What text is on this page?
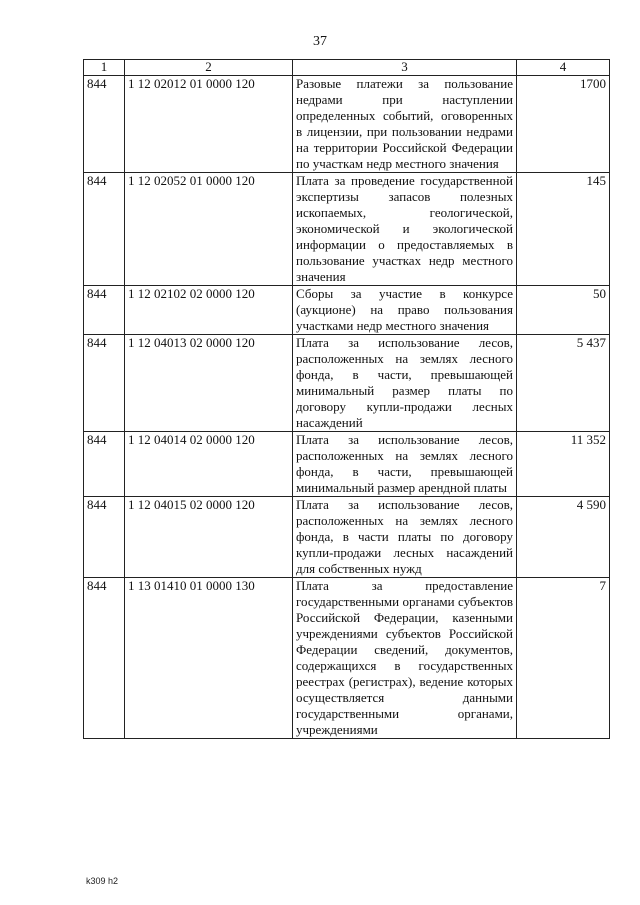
37
1	2	3	4
844	1 12 02012 01 0000 120	Разовые платежи за пользование недрами при наступлении определенных событий, оговоренных в лицензии, при пользовании недрами на территории Российской Федерации по участкам недр местного значения	1700
844	1 12 02052 01 0000 120	Плата за проведение государственной экспертизы запасов полезных ископаемых, геологической, экономической и экологической информации о предоставляемых в пользование участках недр местного значения	145
844	1 12 02102 02 0000 120	Сборы за участие в конкурсе (аукционе) на право пользования участками недр местного значения	50
844	1 12 04013 02 0000 120	Плата за использование лесов, расположенных на землях лесного фонда, в части, превышающей минимальный размер платы по договору купли-продажи лесных насаждений	5 437
844	1 12 04014 02 0000 120	Плата за использование лесов, расположенных на землях лесного фонда, в части, превышающей минимальный размер арендной платы	11 352
844	1 12 04015 02 0000 120	Плата за использование лесов, расположенных на землях лесного фонда, в части платы по договору купли-продажи лесных насаждений для собственных нужд	4 590
844	1 13 01410 01 0000 130	Плата за предоставление государственными органами субъектов Российской Федерации, казенными учреждениями субъектов Российской Федерации сведений, документов, содержащихся в государственных реестрах (регистрах), ведение которых осуществляется данными государственными органами, учреждениями	7
k309 h2
